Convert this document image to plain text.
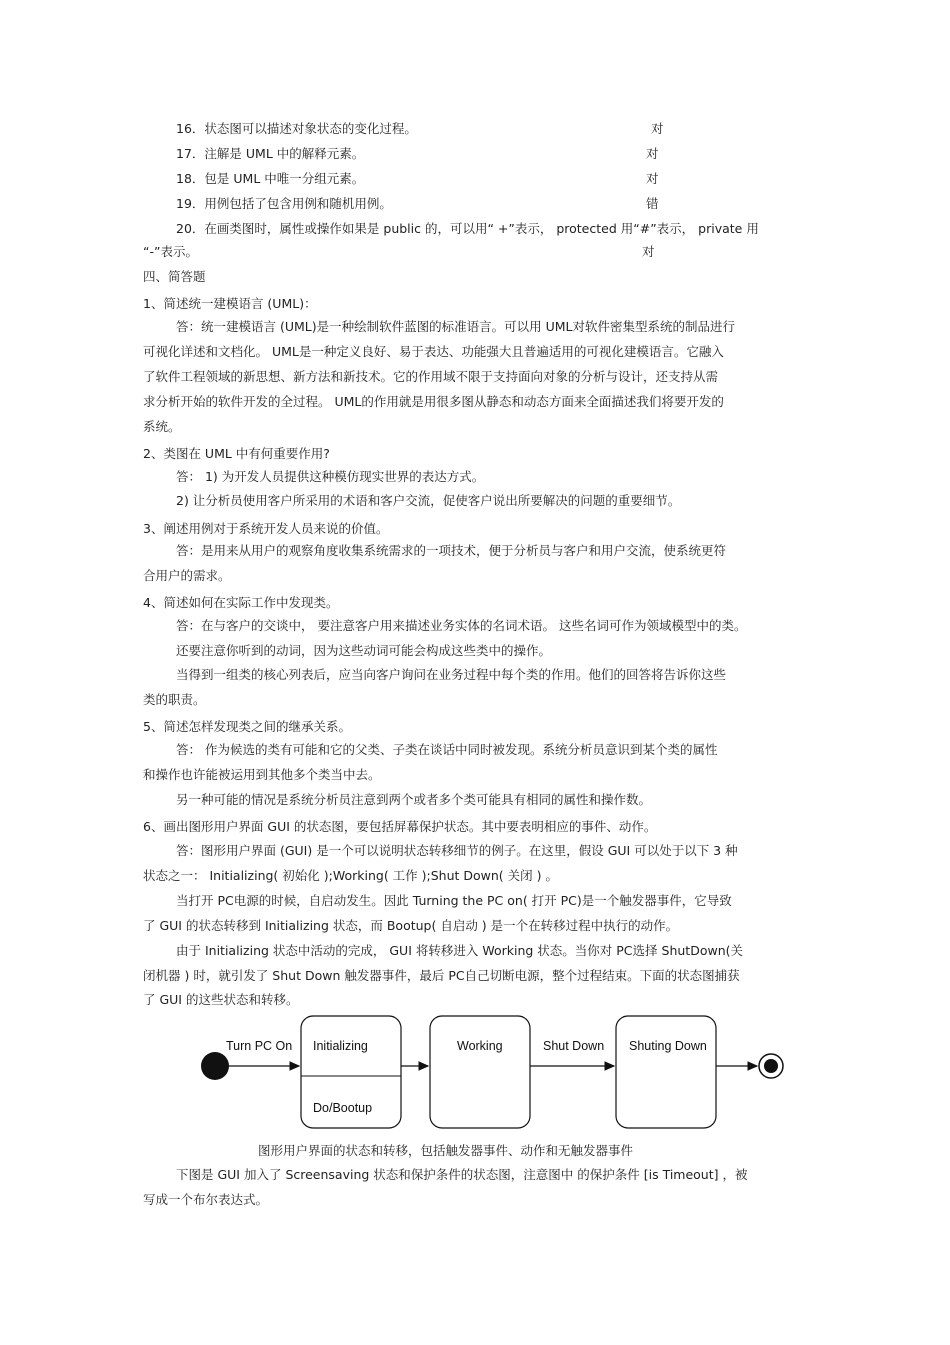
16．状态图可以描述对象状态的变化过程。	对
17．注解是 UML 中的解释元素。	对
18．包是 UML 中唯一分组元素。	对
19．用例包括了包含用例和随机用例。	错
20．在画类图时，属性或操作如果是 public 的，可以用“ +”表示， protected 用“#”表示， private 用
“-”表示。	对
四、简答题
1、简述统一建模语言 (UML)：
答：统一建模语言 (UML)是一种绘制软件蓝图的标准语言。可以用 UML对软件密集型系统的制品进行
可视化详述和文档化。 UML是一种定义良好、易于表达、功能强大且普遍适用的可视化建模语言。它融入
了软件工程领域的新思想、新方法和新技术。它的作用域不限于支持面向对象的分析与设计，还支持从需
求分析开始的软件开发的全过程。 UML的作用就是用很多图从静态和动态方面来全面描述我们将要开发的
系统。
2、类图在 UML 中有何重要作用?
答： 1) 为开发人员提供这种模仿现实世界的表达方式。
2) 让分析员使用客户所采用的术语和客户交流，促使客户说出所要解决的问题的重要细节。
3、阐述用例对于系统开发人员来说的价值。
答：是用来从用户的观察角度收集系统需求的一项技术，便于分析员与客户和用户交流，使系统更符
合用户的需求。
4、简述如何在实际工作中发现类。
答：在与客户的交谈中， 要注意客户用来描述业务实体的名词术语。 这些名词可作为领域模型中的类。
还要注意你听到的动词，因为这些动词可能会构成这些类中的操作。
当得到一组类的核心列表后，应当向客户询问在业务过程中每个类的作用。他们的回答将告诉你这些
类的职责。
5、简述怎样发现类之间的继承关系。
答： 作为候选的类有可能和它的父类、子类在谈话中同时被发现。系统分析员意识到某个类的属性
和操作也许能被运用到其他多个类当中去。
另一种可能的情况是系统分析员注意到两个或者多个类可能具有相同的属性和操作数。
6、画出图形用户界面 GUI 的状态图，要包括屏幕保护状态。其中要表明相应的事件、动作。
答：图形用户界面 (GUI) 是一个可以说明状态转移细节的例子。在这里，假设 GUI 可以处于以下 3 种
状态之一： Initializing( 初始化 );Working( 工作 );Shut Down( 关闭 ) 。
当打开 PC电源的时候，自启动发生。因此 Turning the PC on( 打开 PC)是一个触发器事件，它导致
了 GUI 的状态转移到 Initializing 状态，而 Bootup( 自启动 ) 是一个在转移过程中执行的动作。
由于 Initializing 状态中活动的完成， GUI 将转移进入 Working 状态。当你对 PC选择 ShutDown(关
闭机器 ) 时，就引发了 Shut Down 触发器事件，最后 PC自己切断电源，整个过程结束。下面的状态图捕获
了 GUI 的这些状态和转移。
Turn PC On Initializing
Do/Bootup
Working	Shut Down Shuting Down
图形用户界面的状态和转移，包括触发器事件、动作和无触发器事件
下图是 GUI 加入了 Screensaving 状态和保护条件的状态图，注意图中 的保护条件 [is Timeout] ，被
写成一个布尔表达式。
